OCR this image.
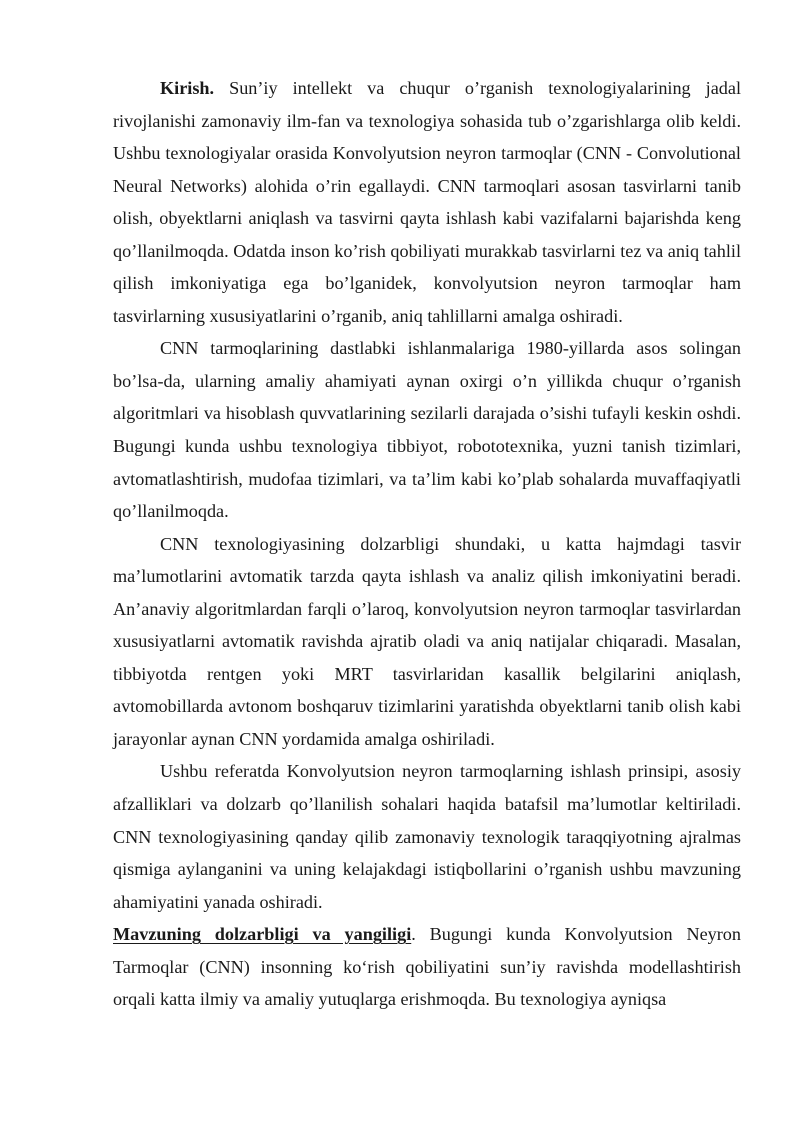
Kirish. Sun’iy intellekt va chuqur o’rganish texnologiyalarining jadal rivojlanishi zamonaviy ilm-fan va texnologiya sohasida tub o’zgarishlarga olib keldi. Ushbu texnologiyalar orasida Konvolyutsion neyron tarmoqlar (CNN - Convolutional Neural Networks) alohida o’rin egallaydi. CNN tarmoqlari asosan tasvirlarni tanib olish, obyektlarni aniqlash va tasvirni qayta ishlash kabi vazifalarni bajarishda keng qo’llanilmoqda. Odatda inson ko’rish qobiliyati murakkab tasvirlarni tez va aniq tahlil qilish imkoniyatiga ega bo’lganidek, konvolyutsion neyron tarmoqlar ham tasvirlarning xususiyatlarini o’rganib, aniq tahlillarni amalga oshiradi.

CNN tarmoqlarining dastlabki ishlanmalariga 1980-yillarda asos solingan bo’lsa-da, ularning amaliy ahamiyati aynan oxirgi o’n yillikda chuqur o’rganish algoritmlari va hisoblash quvvatlarining sezilarli darajada o’sishi tufayli keskin oshdi. Bugungi kunda ushbu texnologiya tibbiyot, robototexnika, yuzni tanish tizimlari, avtomatlashtirish, mudofaa tizimlari, va ta’lim kabi ko’plab sohalarda muvaffaqiyatli qo’llanilmoqda.

CNN texnologiyasining dolzarbligi shundaki, u katta hajmdagi tasvir ma’lumotlarini avtomatik tarzda qayta ishlash va analiz qilish imkoniyatini beradi. An’anaviy algoritmlardan farqli o’laroq, konvolyutsion neyron tarmoqlar tasvirlardan xususiyatlarni avtomatik ravishda ajratib oladi va aniq natijalar chiqaradi. Masalan, tibbiyotda rentgen yoki MRT tasvirlaridan kasallik belgilarini aniqlash, avtomobillarda avtonom boshqaruv tizimlarini yaratishda obyektlarni tanib olish kabi jarayonlar aynan CNN yordamida amalga oshiriladi.

Ushbu referatda Konvolyutsion neyron tarmoqlarning ishlash prinsipi, asosiy afzalliklari va dolzarb qo’llanilish sohalari haqida batafsil ma’lumotlar keltiriladi. CNN texnologiyasining qanday qilib zamonaviy texnologik taraqqiyotning ajralmas qismiga aylanganini va uning kelajakdagi istiqbollarini o’rganish ushbu mavzuning ahamiyatini yanada oshiradi.

Mavzuning dolzarbligi va yangiligi. Bugungi kunda Konvolyutsion Neyron Tarmoqlar (CNN) insonning ko‘rish qobiliyatini sun’iy ravishda modellashtirish orqali katta ilmiy va amaliy yutuqlarga erishmoqda. Bu texnologiya ayniqsa
